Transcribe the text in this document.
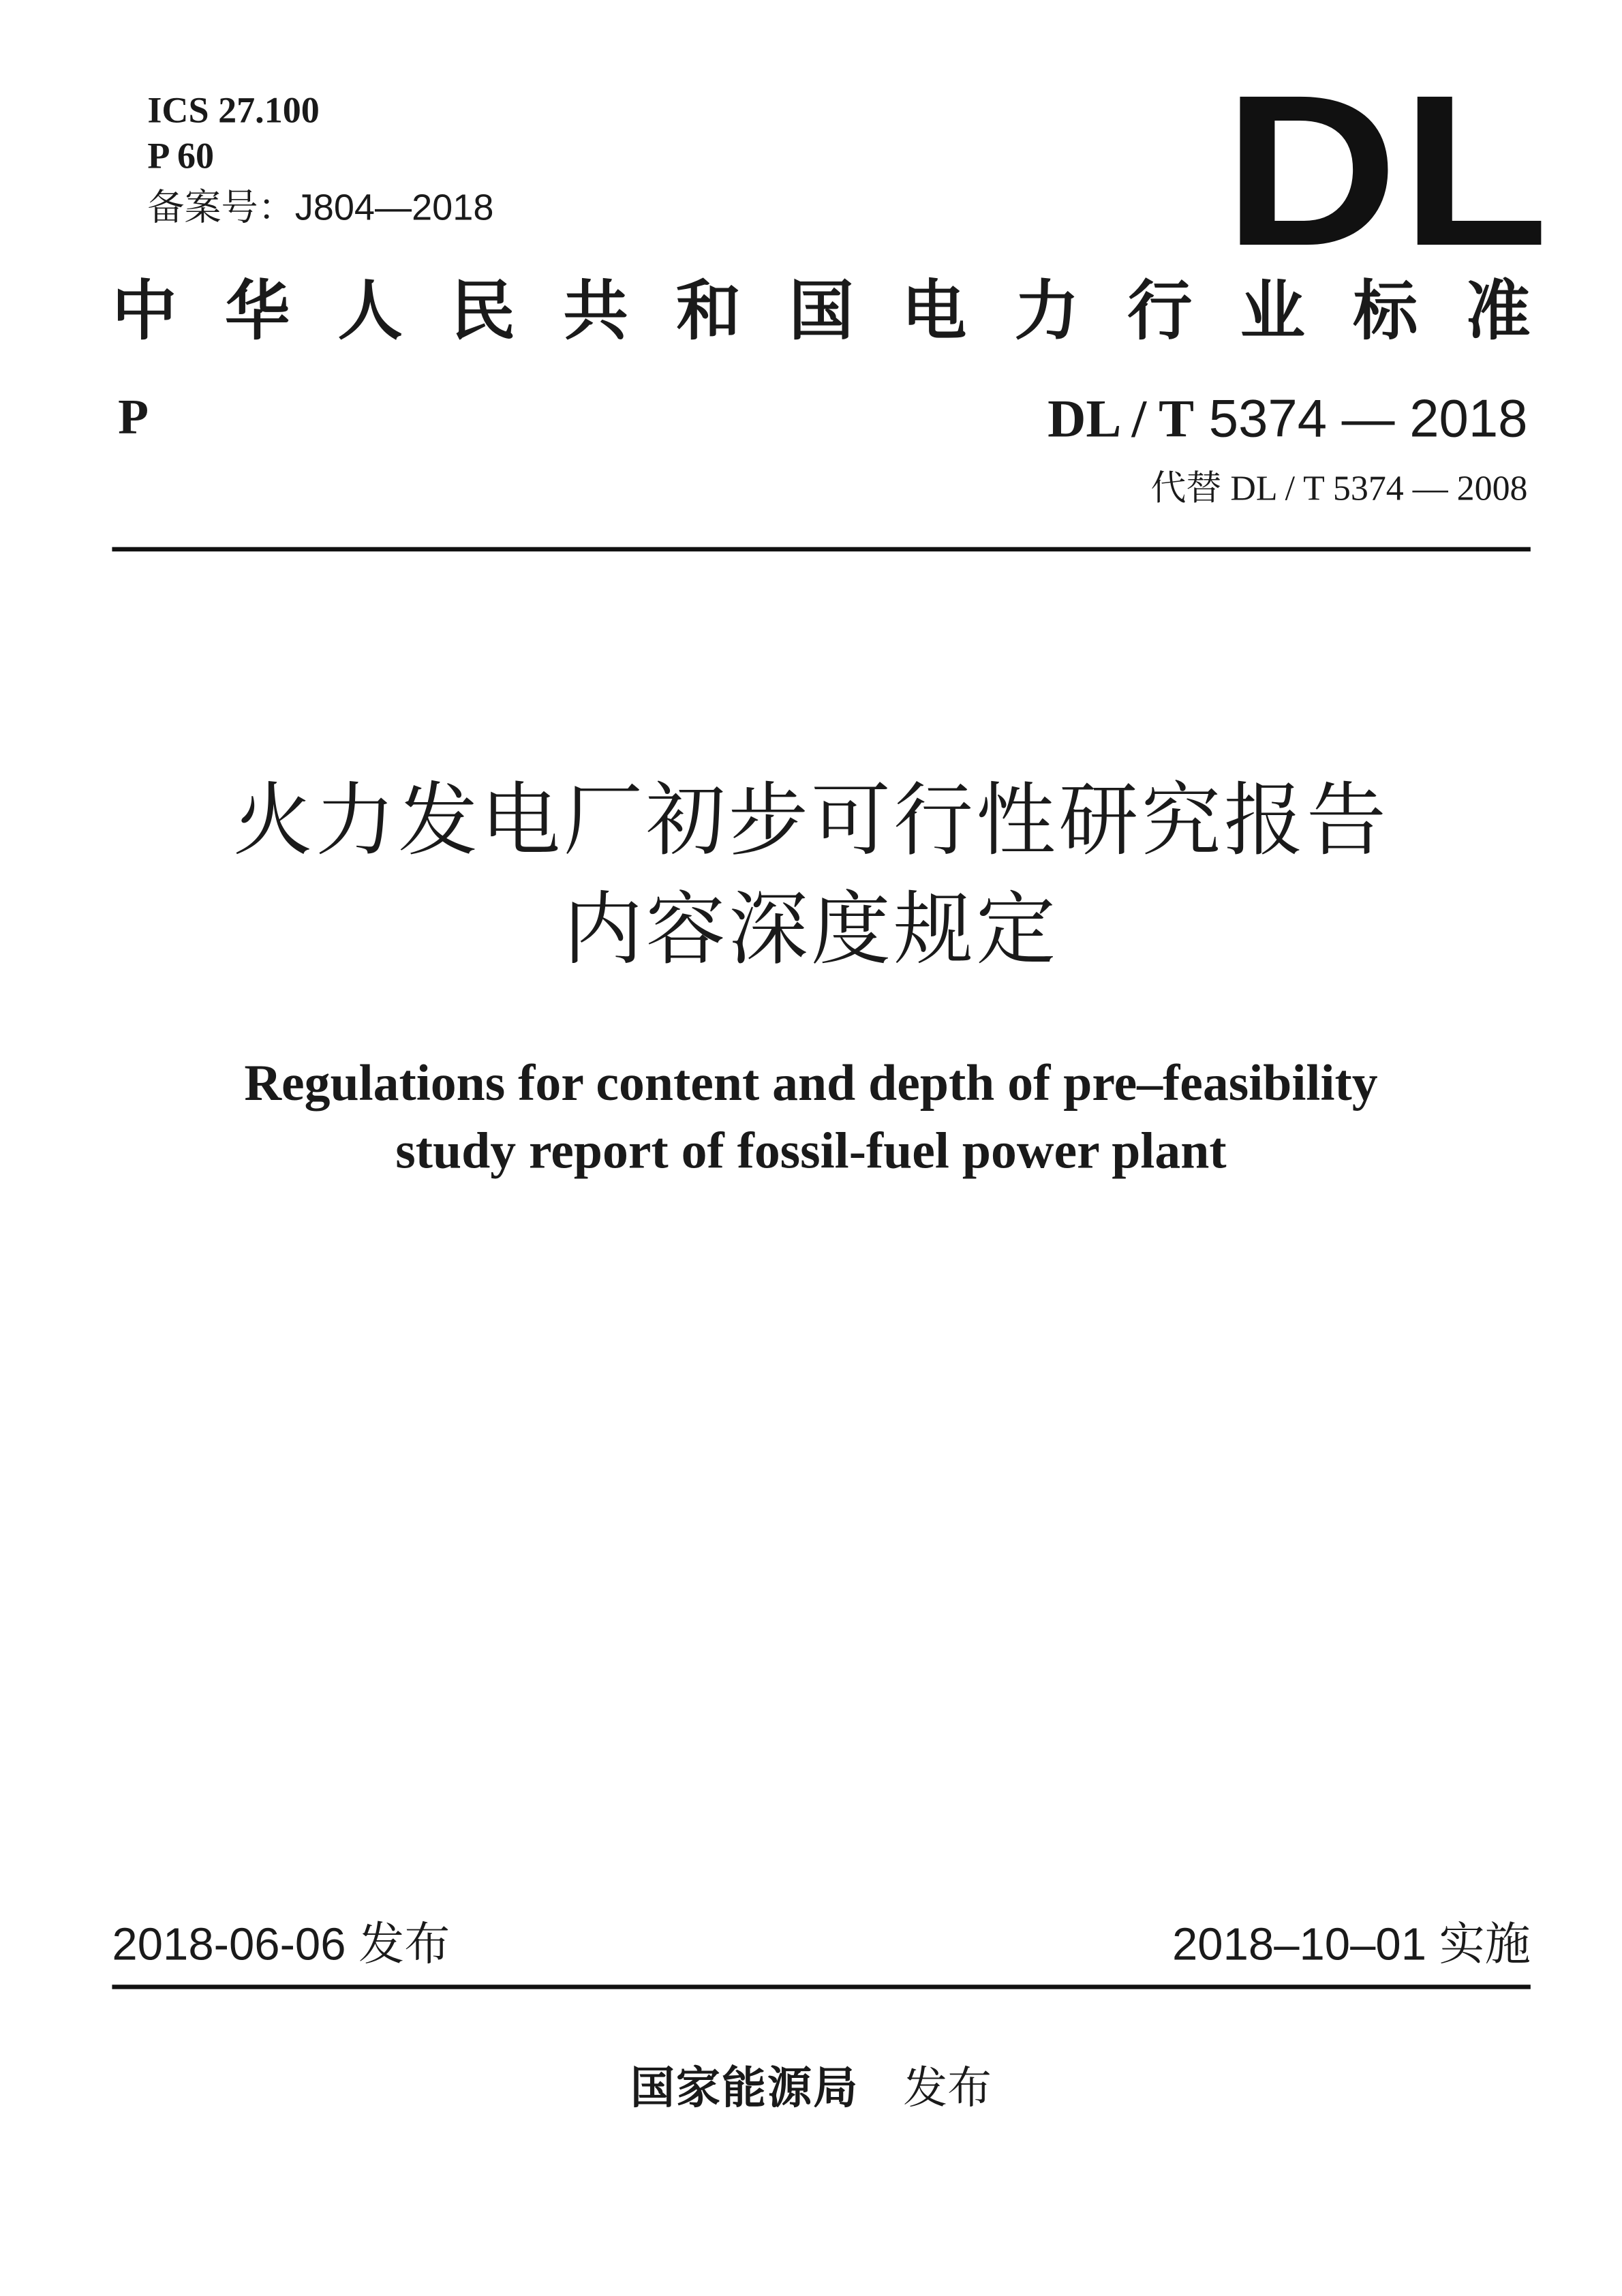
ICS 27.100
P 60
备案号：J804—2018	DL
中 华 人 民 共 和 国 电 力 行 业 标 准
P	DL / T 5374 — 2018
代替 DL / T 5374 — 2008
火力发电厂初步可行性研究报告
内容深度规定
Regulations for content and depth of pre–feasibility
study report of fossil-fuel power plant
2018-06-06 发布	2018–10–01 实施
国家能源局 发布
